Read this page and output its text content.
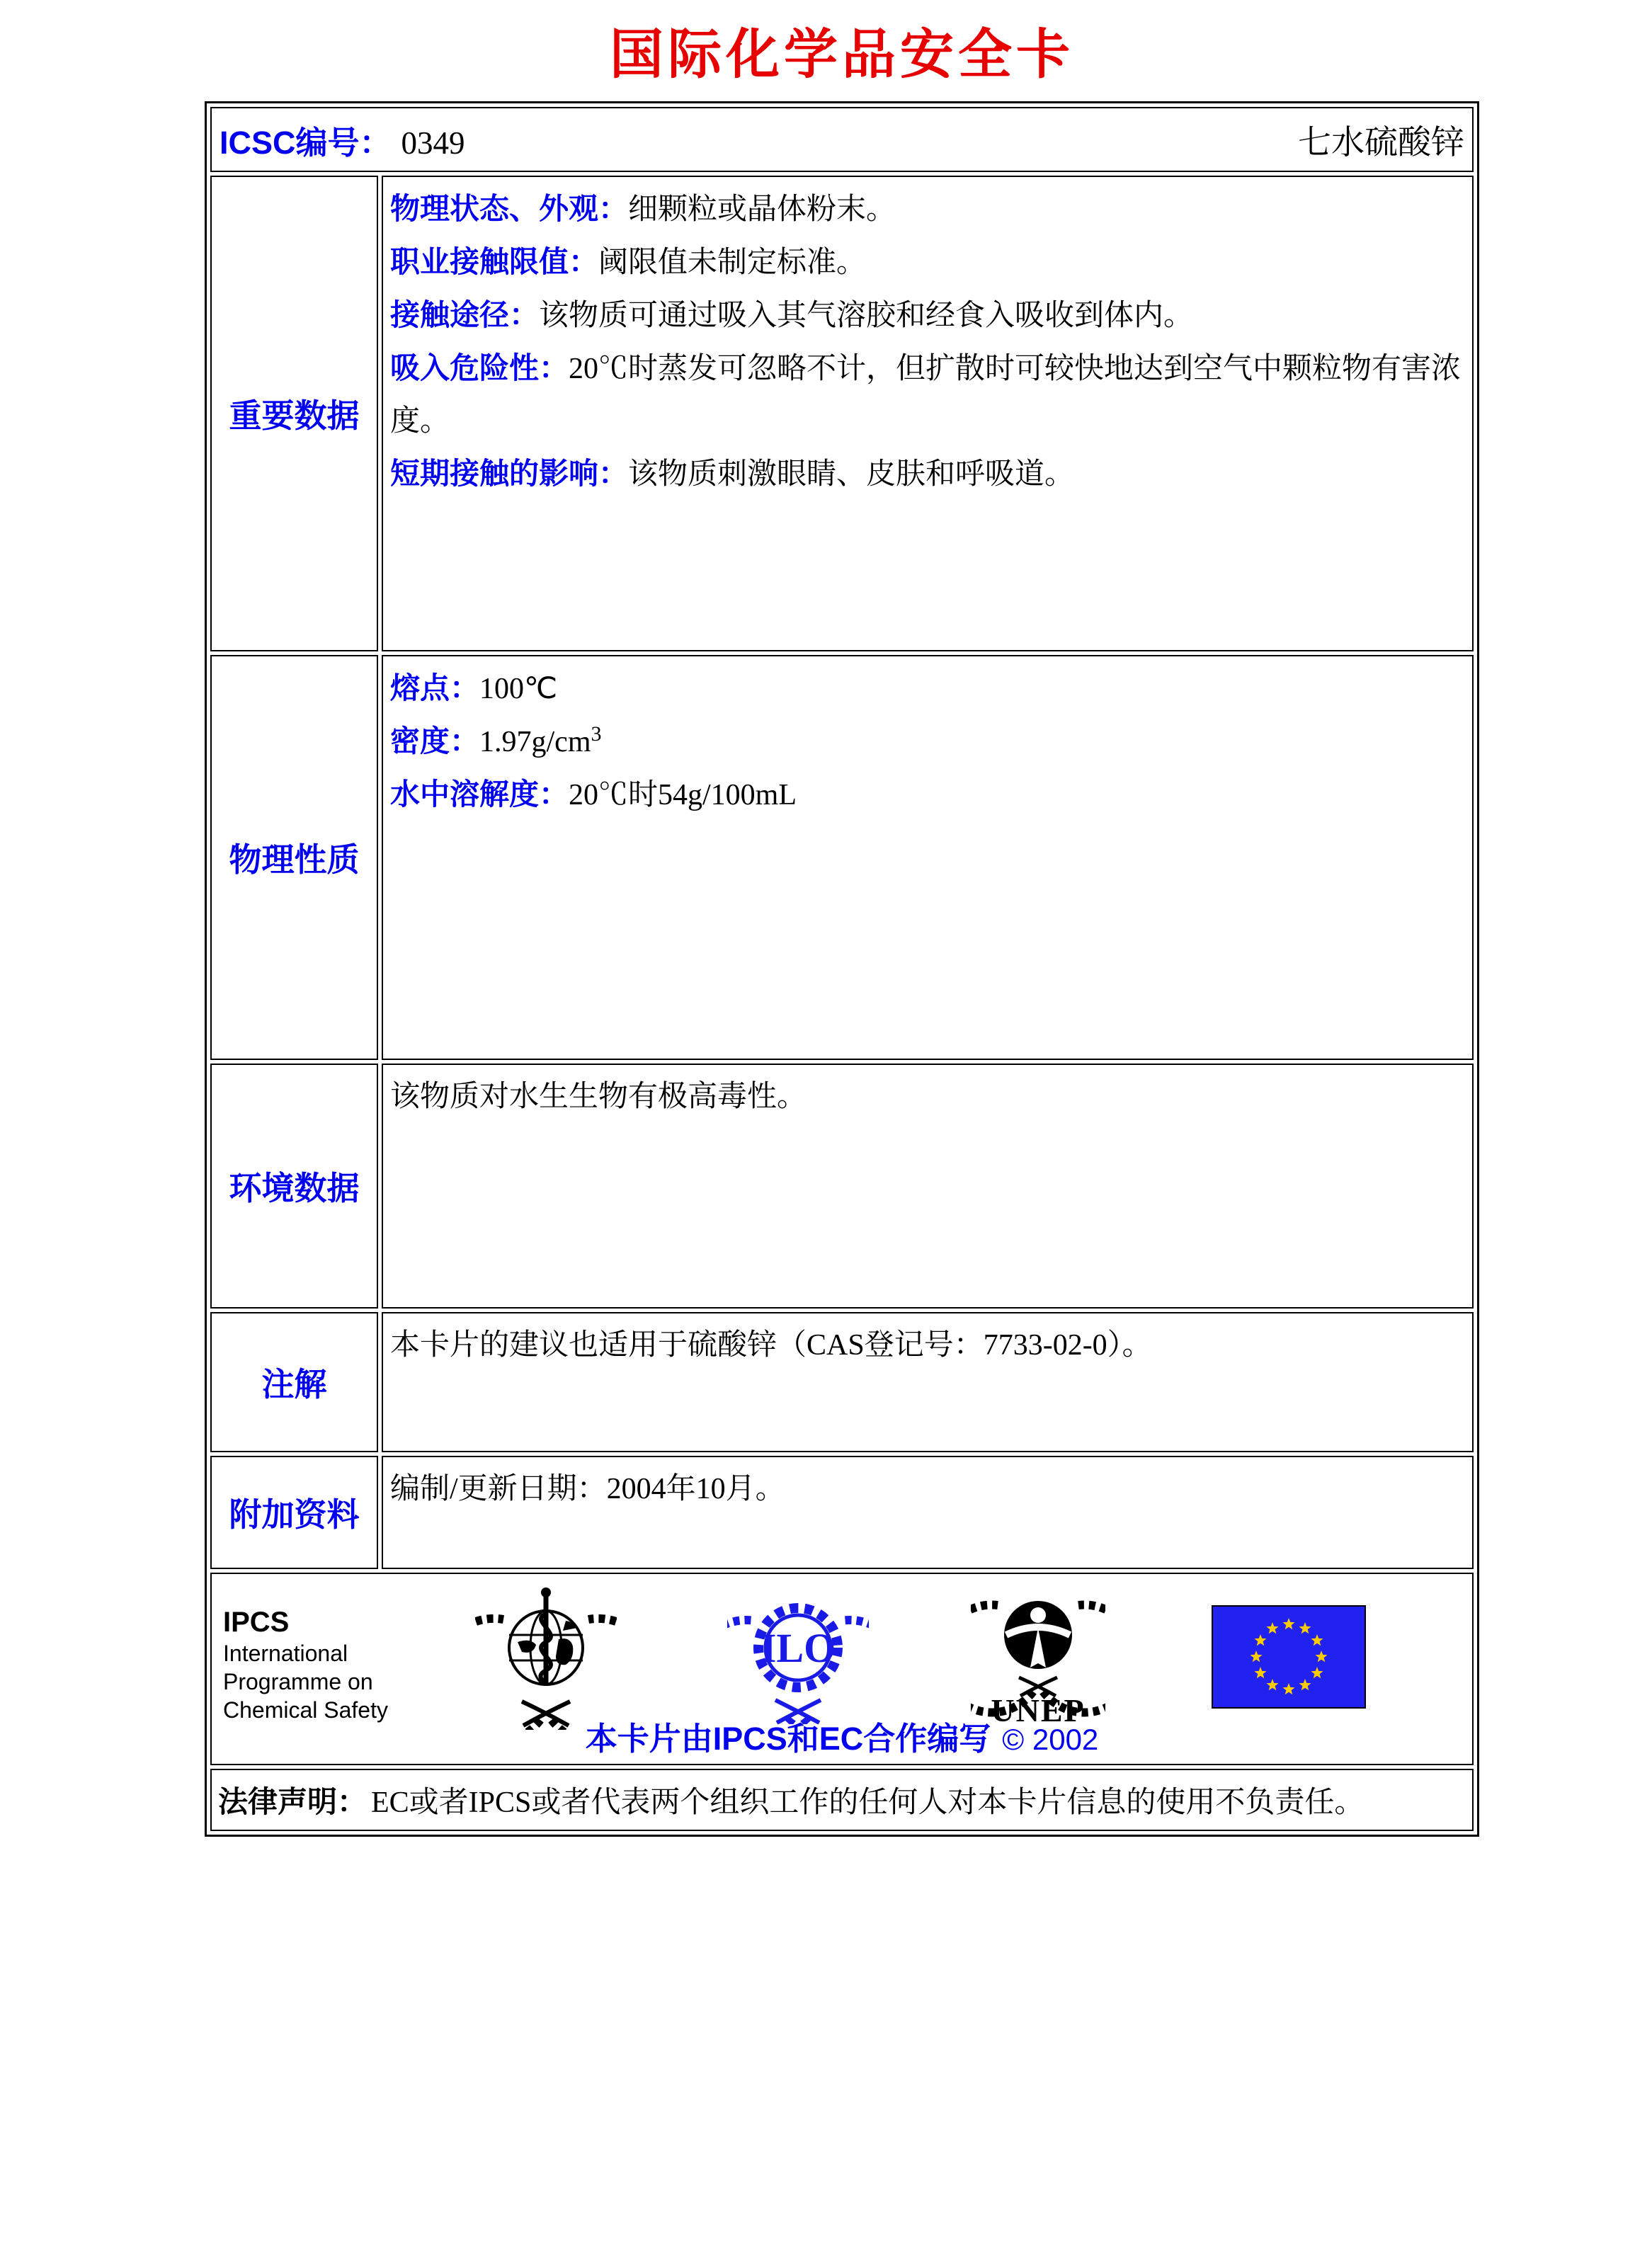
国际化学品安全卡
ICSC编号： 0349 七水硫酸锌	

重要数据	物理状态、外观：细颗粒或晶体粉末。

职业接触限值：阈限值未制定标准。

接触途径：该物质可通过吸入其气溶胶和经食入吸收到体内。

吸入危险性：20℃时蒸发可忽略不计，但扩散时可较快地达到空气中颗粒物有害浓度。

短期接触的影响：该物质刺激眼睛、皮肤和呼吸道。

物理性质	熔点：100℃

密度：$1.97g/cm^3$

水中溶解度：20℃时54g/100mL

环境数据	该物质对水生生物有极高毒性。

注解	本卡片的建议也适用于硫酸锌（CAS登记号：7733-02-0）。

附加资料	编制/更新日期：2004年10月。

IPCS
International
Programme on
Chemical Safety
ILO
UNEP
本卡片由IPCS和EC合作编写 © 2002

法律声明： EC或者IPCS或者代表两个组织工作的任何人对本卡片信息的使用不负责任。	
